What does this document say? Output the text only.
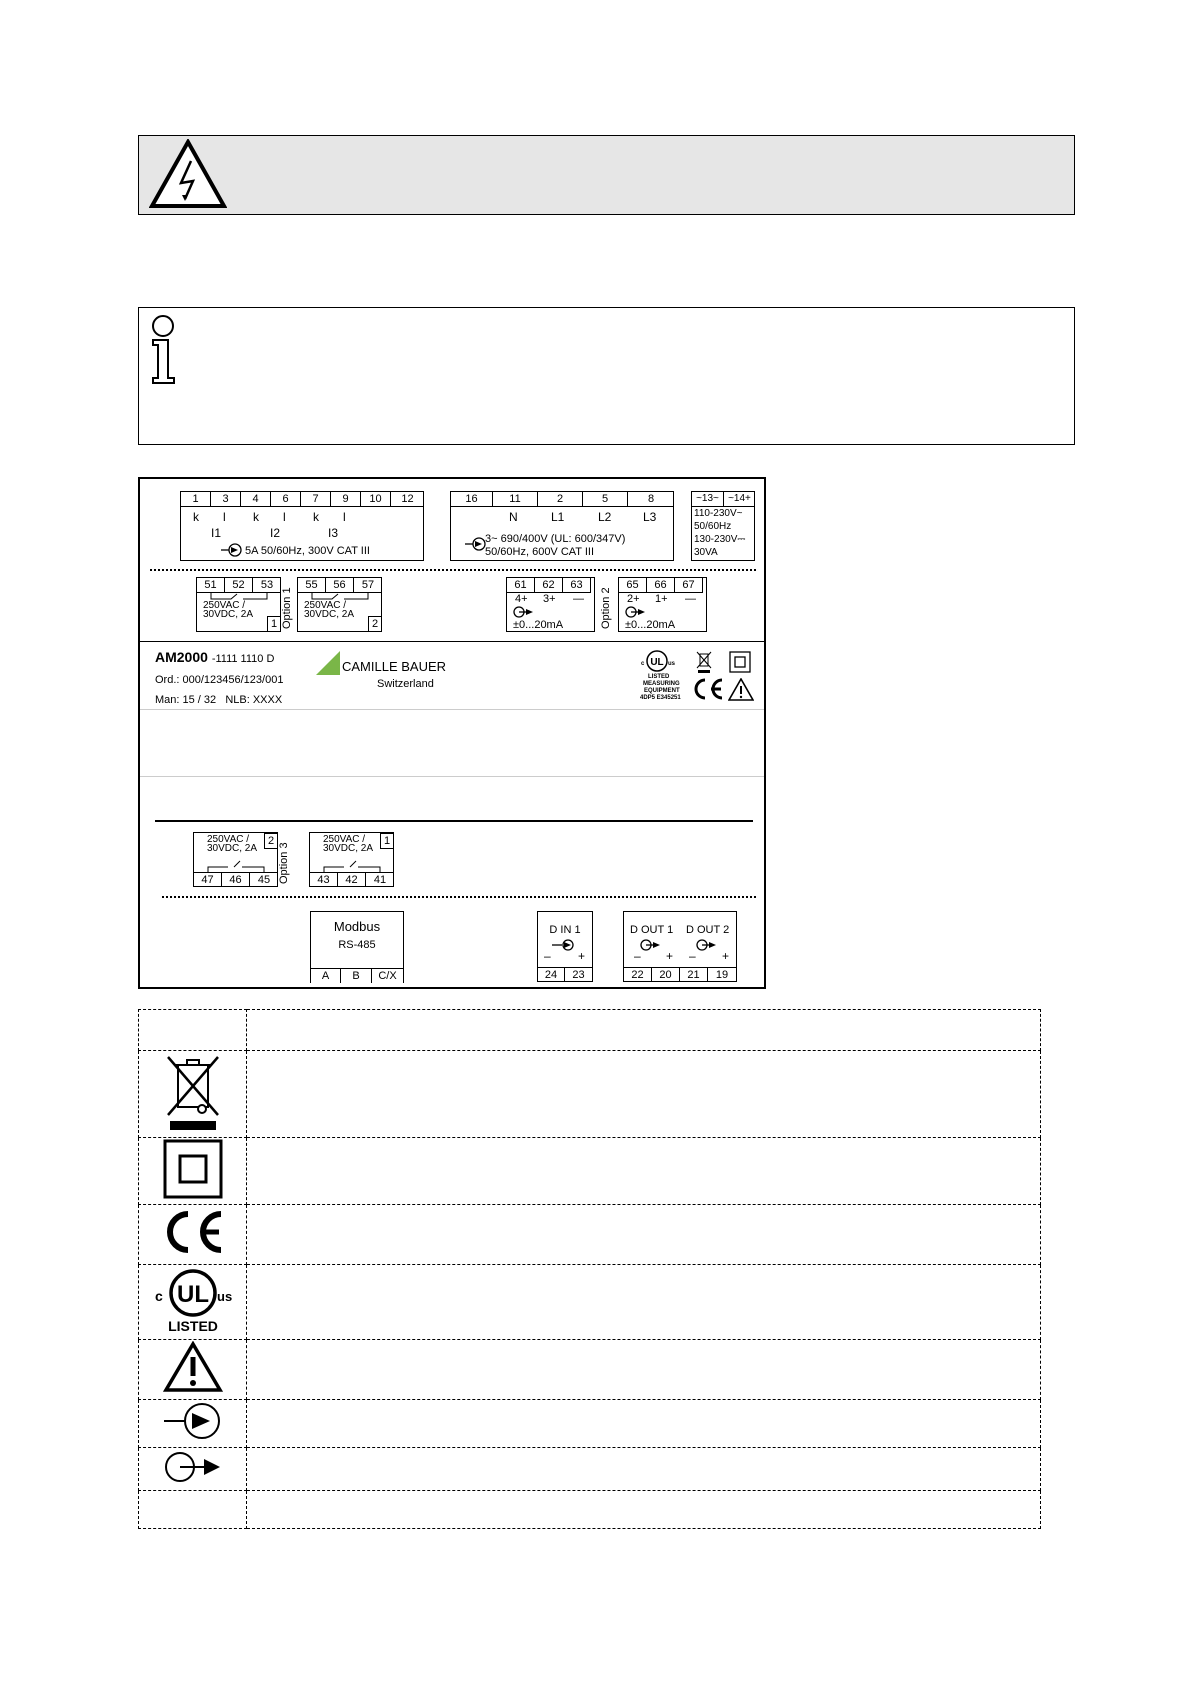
1	3	4	6	7	9	10	12
k l k l k l
I1	I2	I3
5A 50/60Hz, 300V CAT III
16	11	2	5	8
N	L1	L2	L3
3~ 690/400V (UL: 600/347V)
50/60Hz, 600V CAT III
~13~ ~14+
110-230V~
50/60Hz
130-230V⎓
30VA
51	52	53
250VAC /
30VDC, 2A
1 Option 1
55	56	57
250VAC /
30VDC, 2A
2
61	62	63
4+ 3+ —
±0...20mA	Option 2
65	66	67
2+ 1+ —
±0...20mA
AM2000 -1111 1110 D
Ord.: 000/123456/123/001
Man: 15 / 32   NLB: XXXX
CAMILLE BAUER
Switzerland
UL
c	us
LISTED
MEASURING
EQUIPMENT
4DP5 E345251
250VAC /
30VDC, 2A
2
47	46	45 Option 3
250VAC /
30VDC, 2A
1
43	42	41
Modbus
RS-485
A	B	C/X
D IN 1
– +
24	23
D OUT 1 D OUT 2
– + – +
22	20	21	19

UL
c us
LISTED	
